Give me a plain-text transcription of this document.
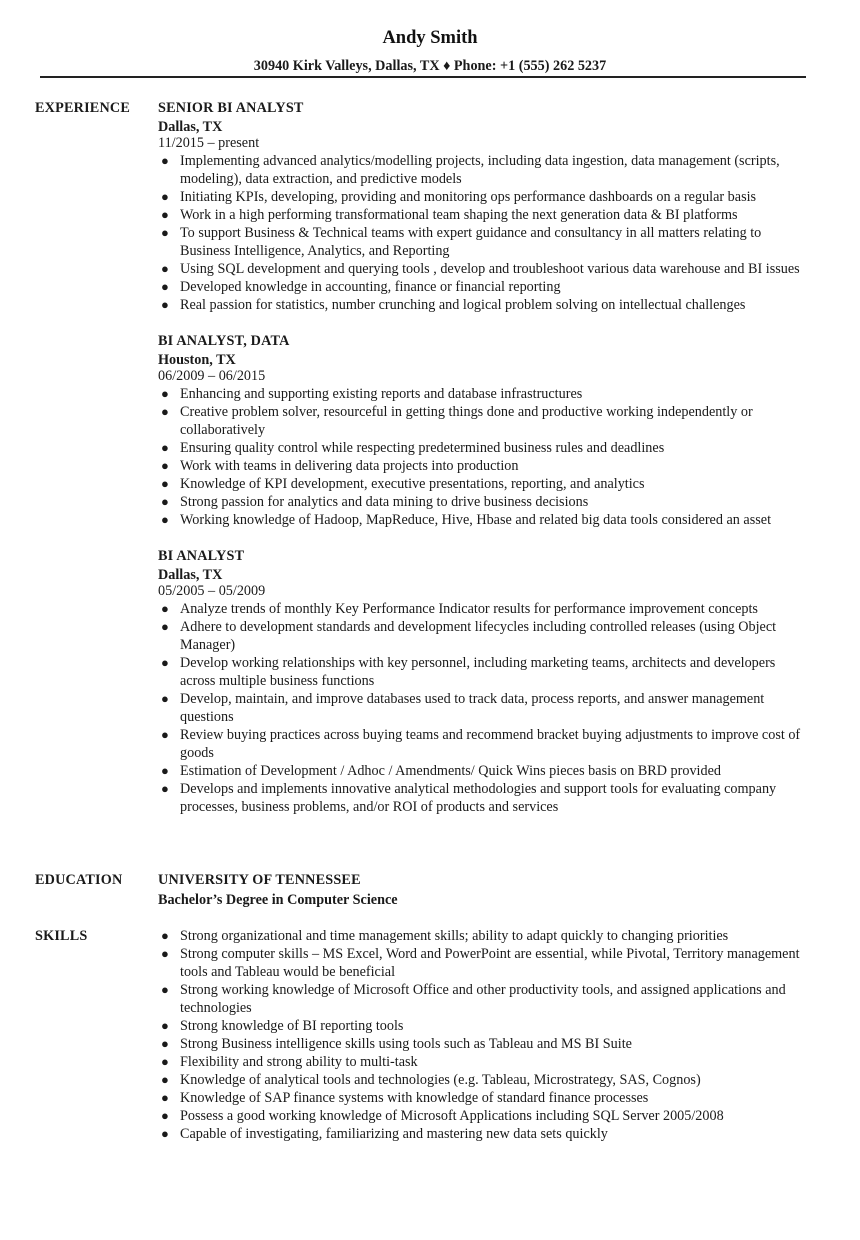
Andy Smith
30940 Kirk Valleys, Dallas, TX ♦ Phone: +1 (555) 262 5237
EXPERIENCE SENIOR BI ANALYST
Dallas, TX
11/2015 – present
● Implementing advanced analytics/modelling projects, including data ingestion, data management (scripts, modeling), data extraction, and predictive models
● Initiating KPIs, developing, providing and monitoring ops performance dashboards on a regular basis
● Work in a high performing transformational team shaping the next generation data & BI platforms
● To support Business & Technical teams with expert guidance and consultancy in all matters relating to Business Intelligence, Analytics, and Reporting
● Using SQL development and querying tools , develop and troubleshoot various data warehouse and BI issues
● Developed knowledge in accounting, finance or financial reporting
● Real passion for statistics, number crunching and logical problem solving on intellectual challenges
BI ANALYST, DATA
Houston, TX
06/2009 – 06/2015
● Enhancing and supporting existing reports and database infrastructures
● Creative problem solver, resourceful in getting things done and productive working independently or collaboratively
● Ensuring quality control while respecting predetermined business rules and deadlines
● Work with teams in delivering data projects into production
● Knowledge of KPI development, executive presentations, reporting, and analytics
● Strong passion for analytics and data mining to drive business decisions
● Working knowledge of Hadoop, MapReduce, Hive, Hbase and related big data tools considered an asset
BI ANALYST
Dallas, TX
05/2005 – 05/2009
● Analyze trends of monthly Key Performance Indicator results for performance improvement concepts
● Adhere to development standards and development lifecycles including controlled releases (using Object Manager)
● Develop working relationships with key personnel, including marketing teams, architects and developers across multiple business functions
● Develop, maintain, and improve databases used to track data, process reports, and answer management questions
● Review buying practices across buying teams and recommend bracket buying adjustments to improve cost of goods
● Estimation of Development / Adhoc / Amendments/ Quick Wins pieces basis on BRD provided
● Develops and implements innovative analytical methodologies and support tools for evaluating company processes, business problems, and/or ROI of products and services
EDUCATION	UNIVERSITY OF TENNESSEE
Bachelor’s Degree in Computer Science
SKILLS	● Strong organizational and time management skills; ability to adapt quickly to changing priorities
● Strong computer skills – MS Excel, Word and PowerPoint are essential, while Pivotal, Territory management tools and Tableau would be beneficial
● Strong working knowledge of Microsoft Office and other productivity tools, and assigned applications and technologies
● Strong knowledge of BI reporting tools
● Strong Business intelligence skills using tools such as Tableau and MS BI Suite
● Flexibility and strong ability to multi-task
● Knowledge of analytical tools and technologies (e.g. Tableau, Microstrategy, SAS, Cognos)
● Knowledge of SAP finance systems with knowledge of standard finance processes
● Possess a good working knowledge of Microsoft Applications including SQL Server 2005/2008
● Capable of investigating, familiarizing and mastering new data sets quickly
